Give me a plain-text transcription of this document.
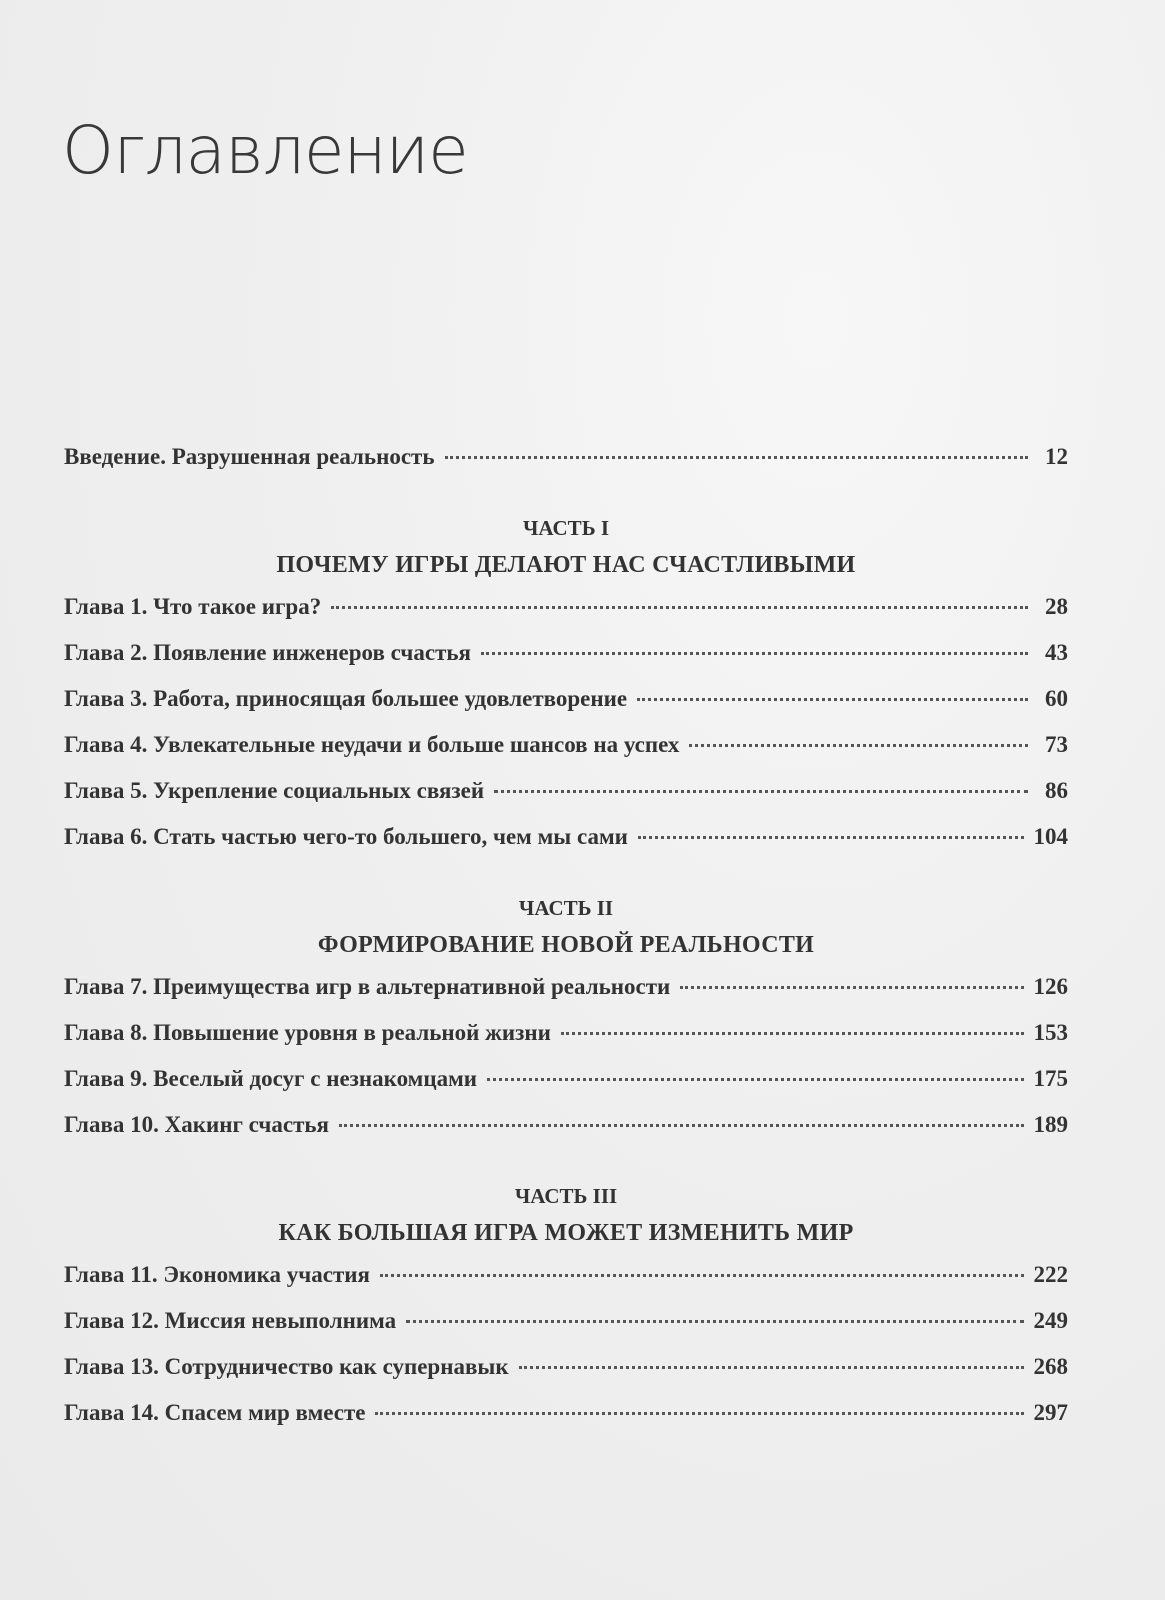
Оглавление
Введение. Разрушенная реальность	12
ЧАСТЬ I
ПОЧЕМУ ИГРЫ ДЕЛАЮТ НАС СЧАСТЛИВЫМИ
Глава 1. Что такое игра?	28
Глава 2. Появление инженеров счастья	43
Глава 3. Работа, приносящая большее удовлетворение	60
Глава 4. Увлекательные неудачи и больше шансов на успех	73
Глава 5. Укрепление социальных связей	86
Глава 6. Стать частью чего-то большего, чем мы сами	104
ЧАСТЬ II
ФОРМИРОВАНИЕ НОВОЙ РЕАЛЬНОСТИ
Глава 7. Преимущества игр в альтернативной реальности	126
Глава 8. Повышение уровня в реальной жизни	153
Глава 9. Веселый досуг с незнакомцами	175
Глава 10. Хакинг счастья	189
ЧАСТЬ III
КАК БОЛЬШАЯ ИГРА МОЖЕТ ИЗМЕНИТЬ МИР
Глава 11. Экономика участия	222
Глава 12. Миссия невыполнима	249
Глава 13. Сотрудничество как супернавык	268
Глава 14. Спасем мир вместе	297
